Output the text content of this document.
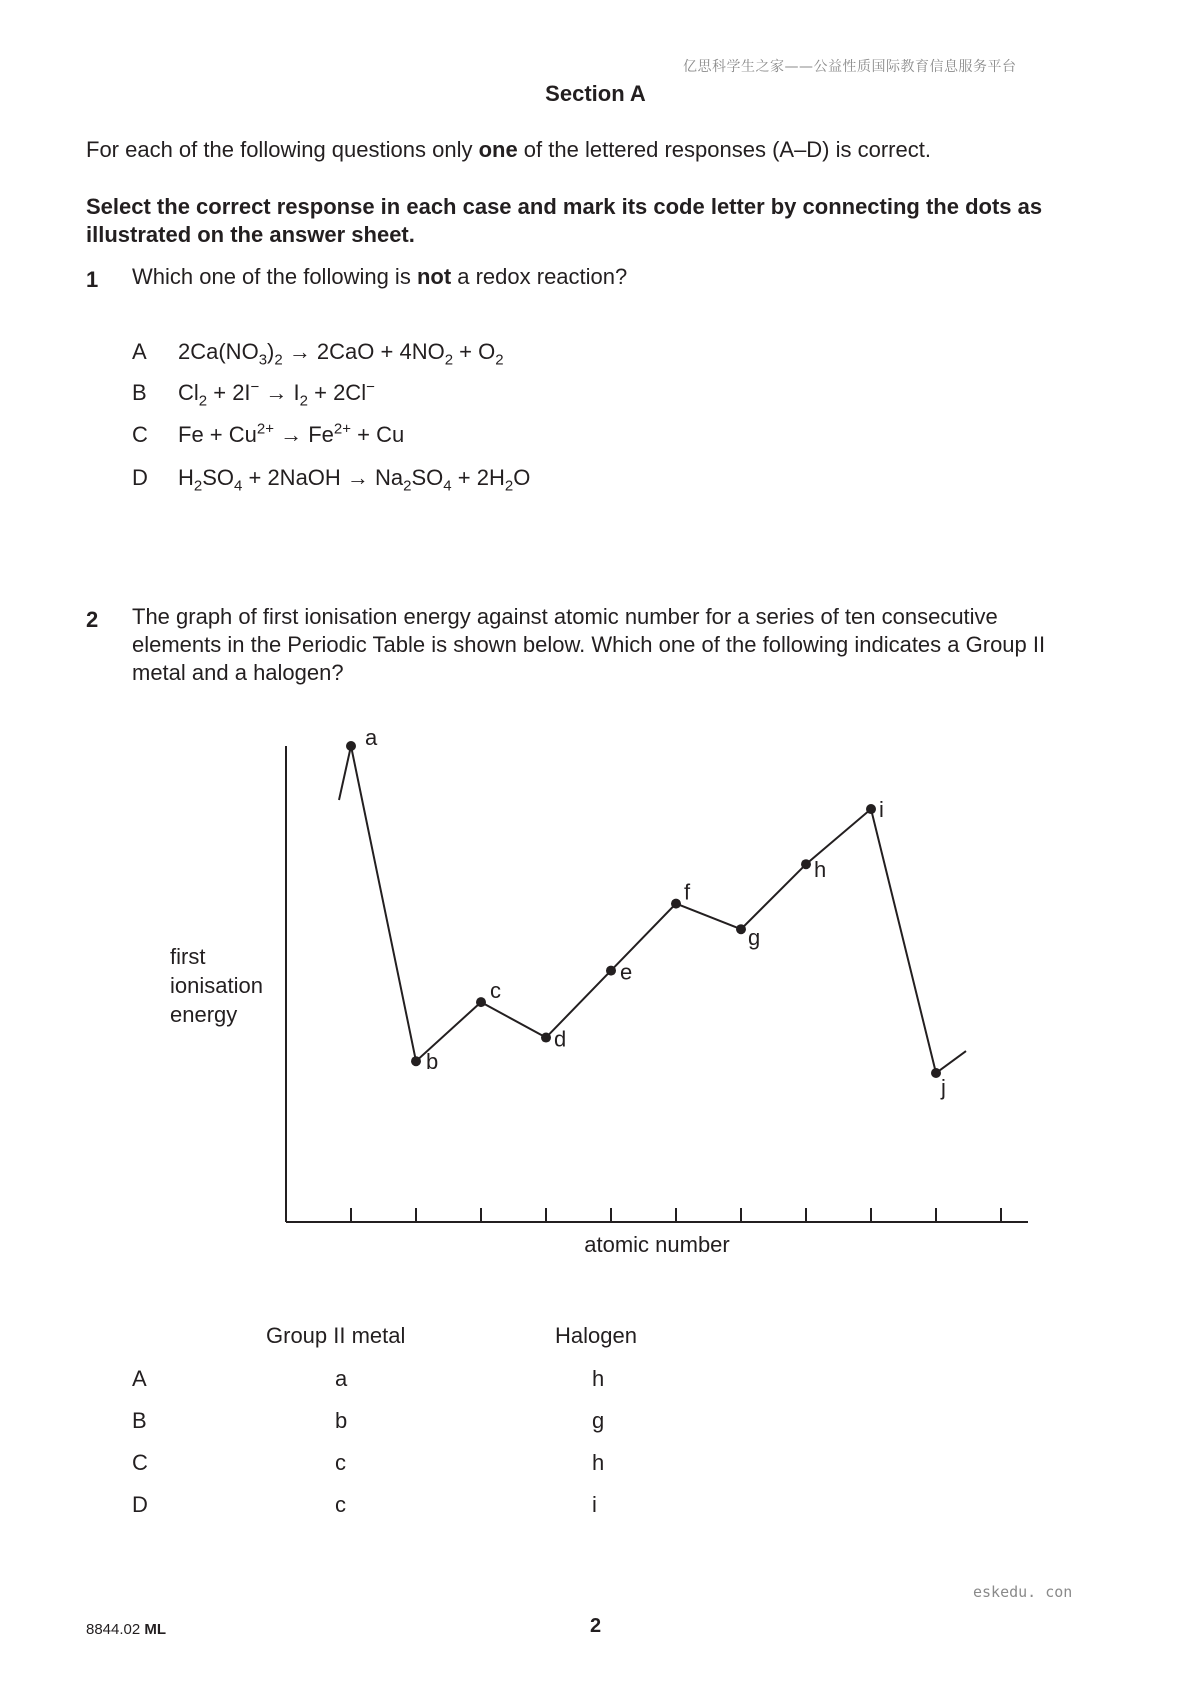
亿思科学生之家——公益性质国际教育信息服务平台
Section A
For each of the following questions only one of the lettered responses (A–D) is correct.
Select the correct response in each case and mark its code letter by connecting the dots as illustrated on the answer sheet.
1 Which one of the following is not a redox reaction?
A $2Ca(NO_3)_2 \to 2CaO + 4NO_2 + O_2$
B $Cl_2 + 2I^- \to I_2 + 2Cl^-$
C $Fe + Cu^{2+} \to Fe^{2+} + Cu$
D $H_2SO_4$ + 2NaOH → $Na_2SO_4 + 2H_2O$
2 The graph of first ionisation energy against atomic number for a series of ten consecutive elements in the Periodic Table is shown below. Which one of the following indicates a Group II metal and a halogen?
a
b
c
d
e
f
g
h
i
j
atomic number
first
ionisation
energy
Group II metal	Halogen
A	a	h
B	b	g
C	c	h
D	c	i
eskedu. con
8844.02 ML	2
